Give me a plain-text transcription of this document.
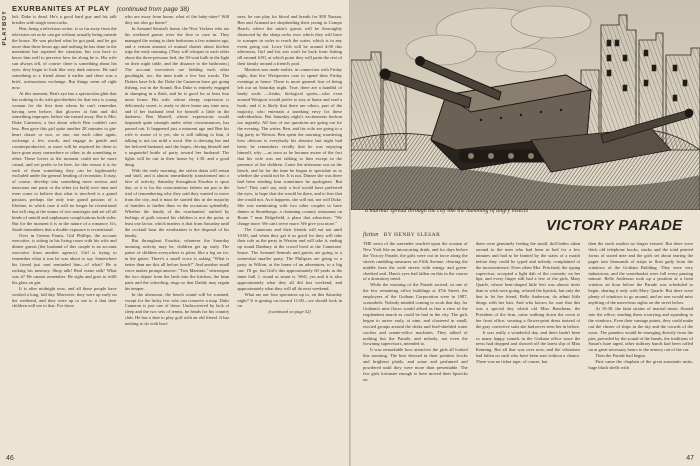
PLAYBOY
EXURBANITES AT PLAY (continued from page 38)

left. Duke is dead. He's a good hard guy and his talk bristles with tough wisecracks.

Ben, being a television writer, is so far away from the television set as he can get without actually being outside the house. He was pitched what he got paid, and he got more than three hours ago and nothing he has done in the meantime has repaired the situation, but you have to know him well to perceive how far along he is. His wife can always tell, of course: there is something about his eyes: they begin to look like very dark mirrors. He said something to a friend about it earlier and there was a brief, acrimonious exchange. But things seem all right now.

At this moment, Ben's eye has a spectacular glint that has nothing to do with gin-sherbets for that very is young woman for the first time whom he can't remember having seen before; that glowers at him and did something improper, before she turned away. She is Mrs. Duke Cameron, a fact about which Ben couldn't care less. Ben gave this girl quite another 2E minutes to gin-heart chaser or two, or one, not each other again, exchange a few words, and engage in gentle and counterproductive, or more will be required for them to have gone away somewhere or other, to do something or other. These lovers at the moment could not be more casual, and yet prefer to be here, for this reason it is for each of them something they can be legitimately excluded under the general heading of recreation. It may, of course, develop into something more serious and tenacious one party or the other (or both) over time and even come to believe that what is involved is a grand passion, perhaps the only true grand passion of a lifetime, in which case it will no longer be recreational but will ring at the seams of two marriages and set off all kinds of untold and unpleasant complications both sides. But for the moment it is in the nature of a romance. It's, Sarah remembers that a double exposure is recreational.

Over in Greens Farms, Girl Phillips, the account executive, is sitting in his living room with his wife and dinner guests (the husband of this couple is an account executive from another agency). Girl is trying to remember what it was he was about to say. Somewhere his friend just sent reminded him—of what? He is racking his memory. Shop talk! Real estate talk? What was it? He cannot remember. He sighs and goes to refill his glass on gin.

It is after midnight now, and all these people have worked a long, full day. Moreover, they were up early on the weekend, and they were up to see to it that their children will see to that. For those

who are away from home, what of the baby-sitter? Will they not also go home?

In Armand Sentral's home, the New Yorkers who are his weekend guests were the first to cave in. They managed the outing to their bedrooms a few minutes ago, and a certain amount of mutual chatter about kitchen trips the early morning. (They will whisper to each other about the three-pressure bed, the 30-watt bulb in the light on their night table, and the distance to the bathroom.) The account executives are bidding each other goodnight, too, the men trade a few last words. The Drakes have left, the Duke the Cameron have got going fishing, out in the Sound. But Duke is entirely engaged in slumping in a flash, and he is good for at least four more hours. His wife, whose sleepy expression is deliciously sweet, is ready to drive home any time now, and if her husband tend for himself a little in the darkness. Ben Martell, whose expressions would bequeath quite triumph under other circumstances, has passed out. It happened just a moment ago and Ben his wife is aware of it yet; she is still talking to him, if talking is not too mild a word. She is dressing her and her beloved husband, and she hopes, driving himself and a ungrateful bottle of party toward her husband. The lights will be out in their house by 1:30, and a good thing.

With the early morning, the stolen drain will return and stuff, and it almost immediately transformed into a hive of activity. Saturday throughout Exurbia is sport day; so it is for the conscientious fathers are put to the trial of remembering why they said they wanted to move from the city, and it must be started this in the majority of families to further thaw in the occasions splendidly. Whether the family of the exurbanites' unified by feelings of guilt toward his children is not the point, at least one factor, which matters is that from Saturday until the cocktail hour the exurbanites is the disposal of his family.

But throughout Exurbia, whatever the Saturday morning activity may be, children get up early. The patter of children everywhere is pitter, like a leg on ice, in the gutter. There's a small voice is asking "What is better than me this all before lunch?" And another small voice makes prompt answer: "Two Martinis," whereupon the two depart from the beds into the kitchen, the bean parts and the schooling, rings so that Daddy may regain his temper.

In the afternoon, the bench round will be scanned, except for the lucky few who can conserve a map. Duke Cameron is just one of these. Undiscovered by lack of sleep and the two sets of tennis, he heads for his country club. He has a date to play golf with an old friend. It has nothing to do with busi-

ness; he can play for blood and breath for $50 Nassau. Ben and Armand are shepherding their young to Compo Beach, where the artist's guests will be thoroughly distracted by the sharp rocks over which they will have to scamper in order to reach the water, which is in any event going out. Lowe Gils will be around 4:00 this afternoon, Girl and his son won't be back from fishing till around 6:00, at which point they will paint the rest of their family around a friend's pool.

Mention was made earlier, in connection with Friday night, that few Westporters care to spend their Friday evenings at home. There is more general fear of being left out on Saturday night. True, there are a handful of hardy souls —freaks, biological sports—who even around Westport would prefer to stay at home and read a book; and it is likely that there are others, part of the majority, who entertain a sneaking envy for these individualists. But Saturday night's excitements beckon too urgently. All four of our questions are going out for the evening. The writer, Ben, and his wife are going to a big party in Weston. Ben spent the morning wondering how obvious is everybody his absence last night had been; he remembers vividly that he was enjoying himself, why —as soon as he became aware of the fact that his wife was not talking to him except in the presence of the children. Come the afternoon out on the beach, and he for the time he began to speculate as to whether she would not be. It is not. Dinner she was there had been sending him sometimes he apologizes. But how? They can't say, only a fool would have preferred the eyes, to hope that she would be there, and to fear that she would not. As it happens, she will not, nor will Duke. She was mentioning with two other couples to have dinner at Stonehenge, a charming country restaurant on Route 7 near Ridgefield, a place that advertises: "We charge more. We can't serve more. We give you more."

The Camerons and their friends will eat not until 10:00, and when they get it as good for they will take their role as the party in Weston and will take it, ending up round Danbury at the crowd bowl at the Camerons' house. The Armand Sentrals and guests are going to a somewhat smaller party. The Philipses are going to a party in Wilton, at the home of an adventurer, to a big one. I'll go, but Girl's this approximately 60 yards in the inner hall. I, round as smart is. Well, yes and it is also approximately what they all did last weekend, and approximately what they will all do next weekend.

What are our four spectators up to, on this Saturday night? It is getting on toward 11:00—we should look in on

(continued on page 52)

46
a murmur spread through the city like the humming of angry insects
VICTORY PARADE
fiction BY HENRY SLESAR

THE news of the surrender reached upon the women of New York like an intoxicating drink, and for days before the Victory Parade, the girls were out in force along the streets rumbling measures on Fifth Avenue, clearing the middle from the wide streets with energy and green-cheeked zeal. Ham's eyes had fallen on this in the course of a dormitory trend.

While the morning of the Parade arrived, in one of the few remaining office buildings at 47th Street, the employees of the Gotham Corporation were in 1087, scoundrels. Nobody minded coming to work that day, for Gotham's nine floors would afford as fine a view of the resplendent march as could be had in the city. The girls began to arrive early, at nine, and clustered in small, excited groups around the desks and lead-shielded water coolers and ornate-office machines. They talked of nothing but the Parade, and nobody, not even the frowning supervisors, intended to.

It was remarkable how attractive the girls all looked this morning. The best dressed in their prettiest frocks and brightest plaids, and some and perfumed and powdered until they were more than presentable. The few girls fortunate enough to have moved their lipsticks on

them were genuinely feeling the small, doll-ladies taken around to the men who had been in bed for a few minutes and had to be hunted by the stairs of a match before they could be typed and nobody complained of the inconvenience. Even when Mrs. Pritchard, the typing supervisor, accepted a light dab of the cosmetic on her lips, and every finger still had a few of the girls, Mary Quarle, whose bent-shaped little feet was almost tinier than to wish were going, refused the lipstick, but only the line to let her friend, Belle Anderson, do admit little things with her hair. And who knows for sure that this was a special day which old Miss Rancheau, the President of the firm, came walking down the room to her front office, wearing a flower-print dress instead of the gray corrective suits she had never seen her in before.

It was really a wonderful day, and there hadn't been so many happy sounds in the Gotham office since the news had dropped and showed off the latest slip of Miss Kenning. But all that was over now, and the vibrations had fallen on such who have been sent without a chance. There was no ticker tape, of course, but

then the stock market no longer existed. But there were thick old telephone books, stacks and the total printed forms of stated note and the girls set about tearing the pages into thousands of strips to float gaily from the windows of the Gotham Building. They were very industrious, and the wastebasket were full every passing minute. Belle Anderson took up a position at a front window an hour before the Parade was scheduled to begin, sharing it only with Mary Quarle. But there were plenty of windows to go around, and no one would miss anything of the marvelous sights on the street below.

At 10:30, the faint strains of martial music floated into the office, sending them scurrying and squealing to the windows. Even their vantage points, they could make out the cluster of ships in the sky and the crowds of the town. The paraders would be emerging directly from the pier, preceded by the sound of the bands, the traditions of Susan's bare taped, other military bands had been called on at great necessary hours to the armory out of the car.

Then the Parade had begun.

First came the chaplain of the great automatic units, huge black shells with

47
